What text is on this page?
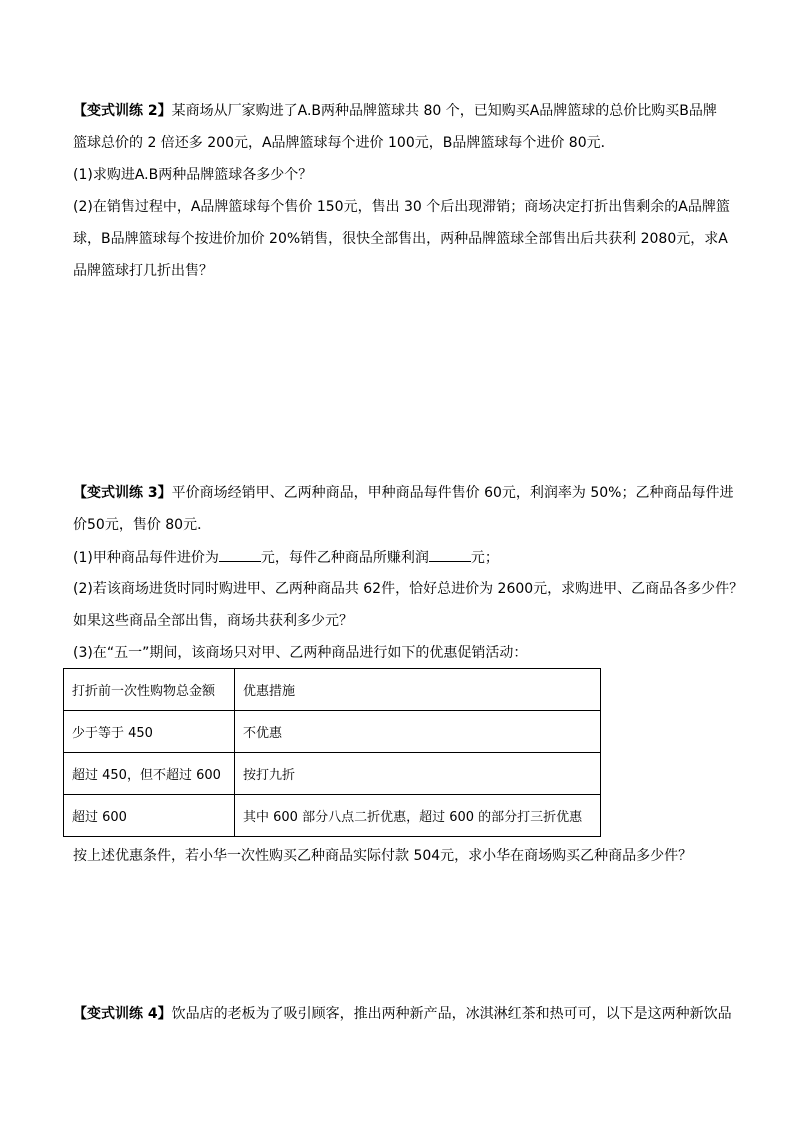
【变式训练 2】某商场从厂家购进了A.B两种品牌篮球共 80 个，已知购买A品牌篮球的总价比购买B品牌

篮球总价的 2 倍还多 200元，A品牌篮球每个进价 100元，B品牌篮球每个进价 80元．

(1)求购进A.B两种品牌篮球各多少个？

(2)在销售过程中，A品牌篮球每个售价 150元，售出 30 个后出现滞销；商场决定打折出售剩余的A品牌篮

球，B品牌篮球每个按进价加价 20%销售，很快全部售出，两种品牌篮球全部售出后共获利 2080元，求A

品牌篮球打几折出售？

【变式训练 3】平价商场经销甲、乙两种商品，甲种商品每件售价 60元，利润率为 50%；乙种商品每件进

价50元，售价 80元．

(1)甲种商品每件进价为	元，每件乙种商品所赚利润	元；

(2)若该商场进货时同时购进甲、乙两种商品共 62件，恰好总进价为 2600元，求购进甲、乙商品各多少件？

如果这些商品全部出售，商场共获利多少元？

(3)在“五一”期间，该商场只对甲、乙两种商品进行如下的优惠促销活动：

打折前一次性购物总金额	优惠措施
少于等于 450	不优惠
超过 450，但不超过 600	按打九折
超过 600	其中 600 部分八点二折优惠，超过 600 的部分打三折优惠

按上述优惠条件，若小华一次性购买乙种商品实际付款 504元，求小华在商场购买乙种商品多少件？

【变式训练 4】饮品店的老板为了吸引顾客，推出两种新产品，冰淇淋红茶和热可可，以下是这两种新饮品
